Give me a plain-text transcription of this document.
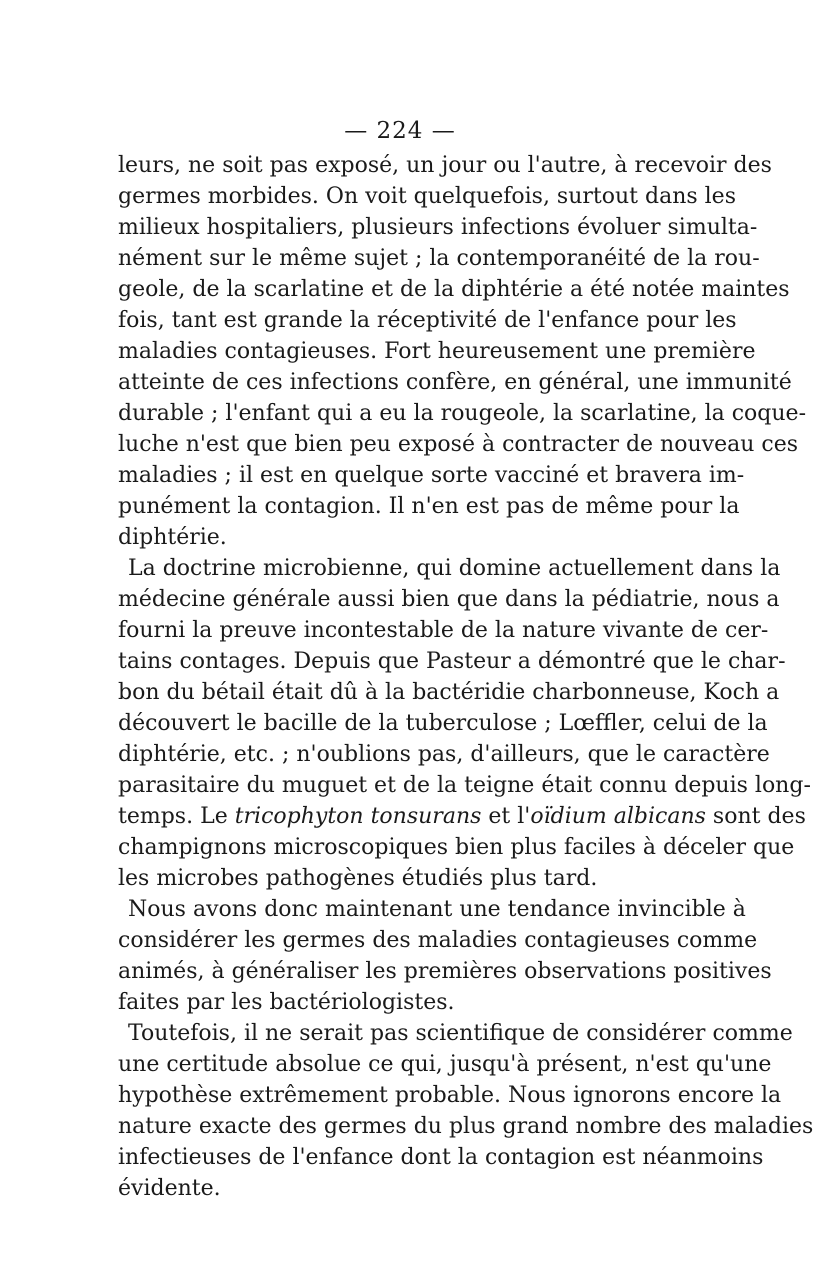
— 224 —
leurs, ne soit pas exposé, un jour ou l'autre, à recevoir des
germes morbides. On voit quelquefois, surtout dans les
milieux hospitaliers, plusieurs infections évoluer simulta-
nément sur le même sujet ; la contemporanéité de la rou-
geole, de la scarlatine et de la diphtérie a été notée maintes
fois, tant est grande la réceptivité de l'enfance pour les
maladies contagieuses. Fort heureusement une première
atteinte de ces infections confère, en général, une immunité
durable ; l'enfant qui a eu la rougeole, la scarlatine, la coque-
luche n'est que bien peu exposé à contracter de nouveau ces
maladies ; il est en quelque sorte vacciné et bravera im-
punément la contagion. Il n'en est pas de même pour la
diphtérie.
La doctrine microbienne, qui domine actuellement dans la
médecine générale aussi bien que dans la pédiatrie, nous a
fourni la preuve incontestable de la nature vivante de cer-
tains contages. Depuis que Pasteur a démontré que le char-
bon du bétail était dû à la bactéridie charbonneuse, Koch a
découvert le bacille de la tuberculose ; Lœffler, celui de la
diphtérie, etc. ; n'oublions pas, d'ailleurs, que le caractère
parasitaire du muguet et de la teigne était connu depuis long-
temps. Le tricophyton tonsurans et l'oïdium albicans sont des
champignons microscopiques bien plus faciles à déceler que
les microbes pathogènes étudiés plus tard.
Nous avons donc maintenant une tendance invincible à
considérer les germes des maladies contagieuses comme
animés, à généraliser les premières observations positives
faites par les bactériologistes.
Toutefois, il ne serait pas scientifique de considérer comme
une certitude absolue ce qui, jusqu'à présent, n'est qu'une
hypothèse extrêmement probable. Nous ignorons encore la
nature exacte des germes du plus grand nombre des maladies
infectieuses de l'enfance dont la contagion est néanmoins
évidente.
